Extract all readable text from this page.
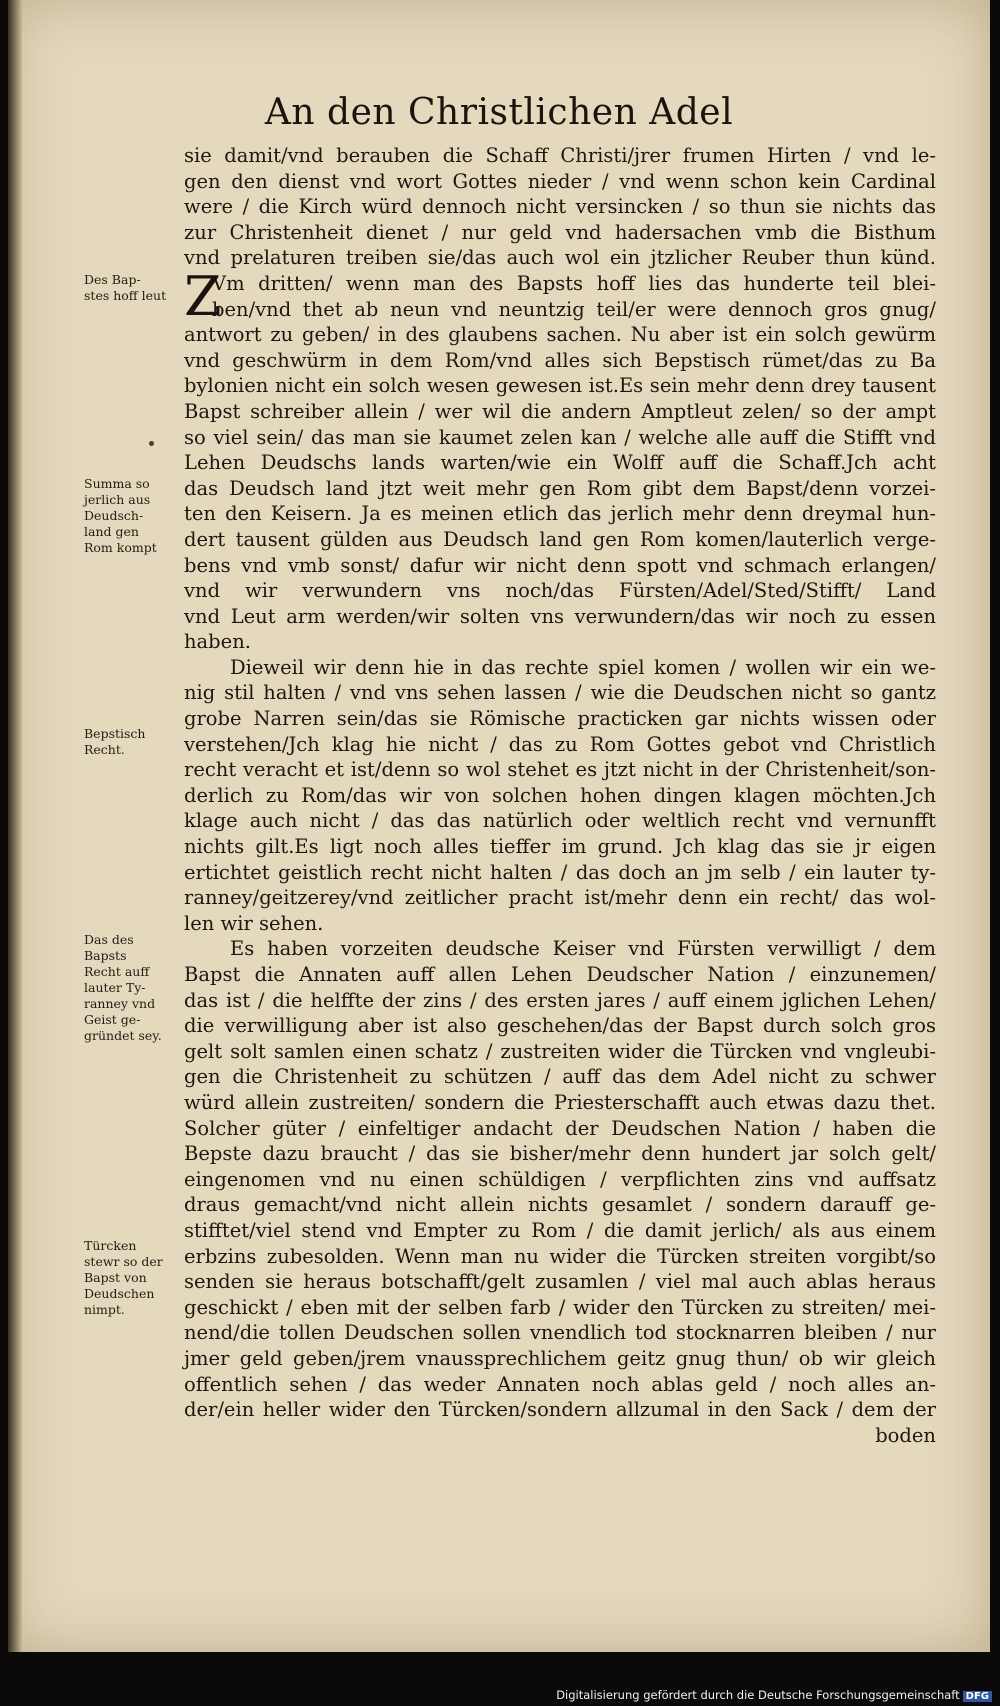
An den Christlichen Adel
sie damit/vnd berauben die Schaff Christi/jrer frumen Hirten / vnd le-
gen den dienst vnd wort Gottes nieder / vnd wenn schon kein Cardinal
were / die Kirch würd dennoch nicht versincken / so thun sie nichts das
zur Christenheit dienet / nur geld vnd hadersachen vmb die Bisthum
vnd prelaturen treiben sie/das auch wol ein jtzlicher Reuber thun künd.
Z
Vm dritten/ wenn man des Bapsts hoff lies das hunderte teil blei-
ben/vnd thet ab neun vnd neuntzig teil/er were dennoch gros gnug/
antwort zu geben/ in des glaubens sachen. Nu aber ist ein solch gewürm
vnd geschwürm in dem Rom/vnd alles sich Bepstisch rümet/das zu Ba
bylonien nicht ein solch wesen gewesen ist.Es sein mehr denn drey tausent
Bapst schreiber allein / wer wil die andern Amptleut zelen/ so der ampt
so viel sein/ das man sie kaumet zelen kan / welche alle auff die Stifft vnd
Lehen Deudschs lands warten/wie ein Wolff auff die Schaff.Jch acht
das Deudsch land jtzt weit mehr gen Rom gibt dem Bapst/denn vorzei-
ten den Keisern. Ja es meinen etlich das jerlich mehr denn dreymal hun-
dert tausent gülden aus Deudsch land gen Rom komen/lauterlich verge-
bens vnd vmb sonst/ dafur wir nicht denn spott vnd schmach erlangen/
vnd wir verwundern vns noch/das Fürsten/Adel/Sted/Stifft/ Land
vnd Leut arm werden/wir solten vns verwundern/das wir noch zu essen
haben.
Dieweil wir denn hie in das rechte spiel komen / wollen wir ein we-
nig stil halten / vnd vns sehen lassen / wie die Deudschen nicht so gantz
grobe Narren sein/das sie Römische practicken gar nichts wissen oder
verstehen/Jch klag hie nicht / das zu Rom Gottes gebot vnd Christlich
recht veracht et ist/denn so wol stehet es jtzt nicht in der Christenheit/son-
derlich zu Rom/das wir von solchen hohen dingen klagen möchten.Jch
klage auch nicht / das das natürlich oder weltlich recht vnd vernunfft
nichts gilt.Es ligt noch alles tieffer im grund. Jch klag das sie jr eigen
ertichtet geistlich recht nicht halten / das doch an jm selb / ein lauter ty-
ranney/geitzerey/vnd zeitlicher pracht ist/mehr denn ein recht/ das wol-
len wir sehen.
Es haben vorzeiten deudsche Keiser vnd Fürsten verwilligt / dem
Bapst die Annaten auff allen Lehen Deudscher Nation / einzunemen/
das ist / die helffte der zins / des ersten jares / auff einem jglichen Lehen/
die verwilligung aber ist also geschehen/das der Bapst durch solch gros
gelt solt samlen einen schatz / zustreiten wider die Türcken vnd vngleubi-
gen die Christenheit zu schützen / auff das dem Adel nicht zu schwer
würd allein zustreiten/ sondern die Priesterschafft auch etwas dazu thet.
Solcher güter / einfeltiger andacht der Deudschen Nation / haben die
Bepste dazu braucht / das sie bisher/mehr denn hundert jar solch gelt/
eingenomen vnd nu einen schüldigen / verpflichten zins vnd auffsatz
draus gemacht/vnd nicht allein nichts gesamlet / sondern darauff ge-
stifftet/viel stend vnd Empter zu Rom / die damit jerlich/ als aus einem
erbzins zubesolden. Wenn man nu wider die Türcken streiten vorgibt/so
senden sie heraus botschafft/gelt zusamlen / viel mal auch ablas heraus
geschickt / eben mit der selben farb / wider den Türcken zu streiten/ mei-
nend/die tollen Deudschen sollen vnendlich tod stocknarren bleiben / nur
jmer geld geben/jrem vnaussprechlichem geitz gnug thun/ ob wir gleich
offentlich sehen / das weder Annaten noch ablas geld / noch alles an-
der/ein heller wider den Türcken/sondern allzumal in den Sack / dem der
boden
Des Bap-
stes hoff leut
Summa so
jerlich aus
Deudsch-
land gen
Rom kompt
Bepstisch
Recht.
Das des
Bapsts
Recht auff
lauter Ty-
ranney vnd
Geist ge-
gründet sey.
Türcken
stewr so der
Bapst von
Deudschen
nimpt.
Digitalisierung gefördert durch die Deutsche Forschungsgemeinschaft DFG
